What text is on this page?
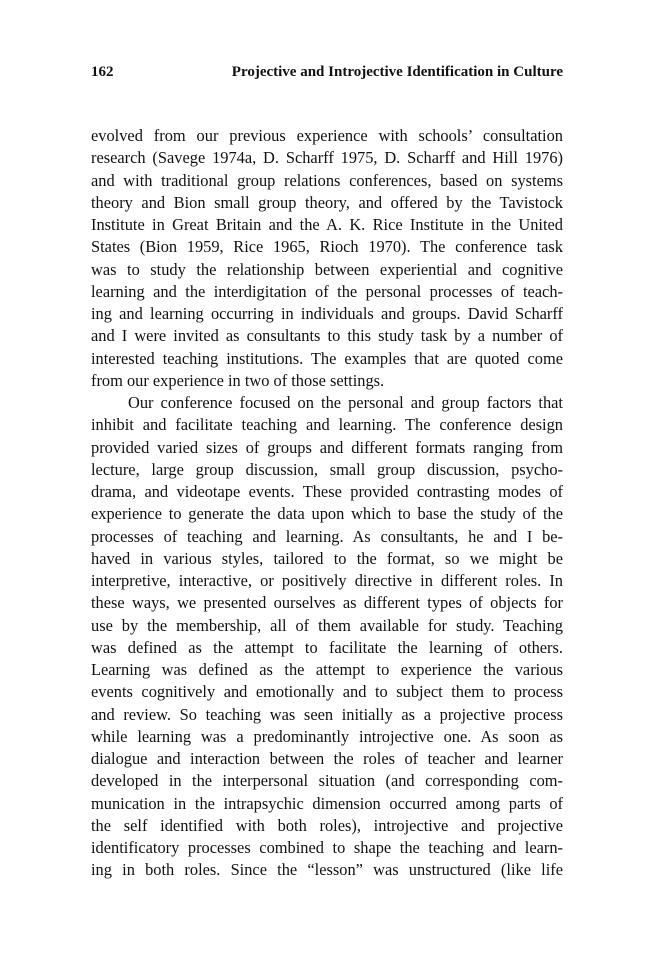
162	Projective and Introjective Identification in Culture
evolved from our previous experience with schools’ consultation
research (Savege 1974a, D. Scharff 1975, D. Scharff and Hill 1976)
and with traditional group relations conferences, based on systems
theory and Bion small group theory, and offered by the Tavistock
Institute in Great Britain and the A. K. Rice Institute in the United
States (Bion 1959, Rice 1965, Rioch 1970). The conference task
was to study the relationship between experiential and cognitive
learning and the interdigitation of the personal processes of teach-
ing and learning occurring in individuals and groups. David Scharff
and I were invited as consultants to this study task by a number of
interested teaching institutions. The examples that are quoted come
from our experience in two of those settings.
Our conference focused on the personal and group factors that
inhibit and facilitate teaching and learning. The conference design
provided varied sizes of groups and different formats ranging from
lecture, large group discussion, small group discussion, psycho-
drama, and videotape events. These provided contrasting modes of
experience to generate the data upon which to base the study of the
processes of teaching and learning. As consultants, he and I be-
haved in various styles, tailored to the format, so we might be
interpretive, interactive, or positively directive in different roles. In
these ways, we presented ourselves as different types of objects for
use by the membership, all of them available for study. Teaching
was defined as the attempt to facilitate the learning of others.
Learning was defined as the attempt to experience the various
events cognitively and emotionally and to subject them to process
and review. So teaching was seen initially as a projective process
while learning was a predominantly introjective one. As soon as
dialogue and interaction between the roles of teacher and learner
developed in the interpersonal situation (and corresponding com-
munication in the intrapsychic dimension occurred among parts of
the self identified with both roles), introjective and projective
identificatory processes combined to shape the teaching and learn-
ing in both roles. Since the “lesson” was unstructured (like life
